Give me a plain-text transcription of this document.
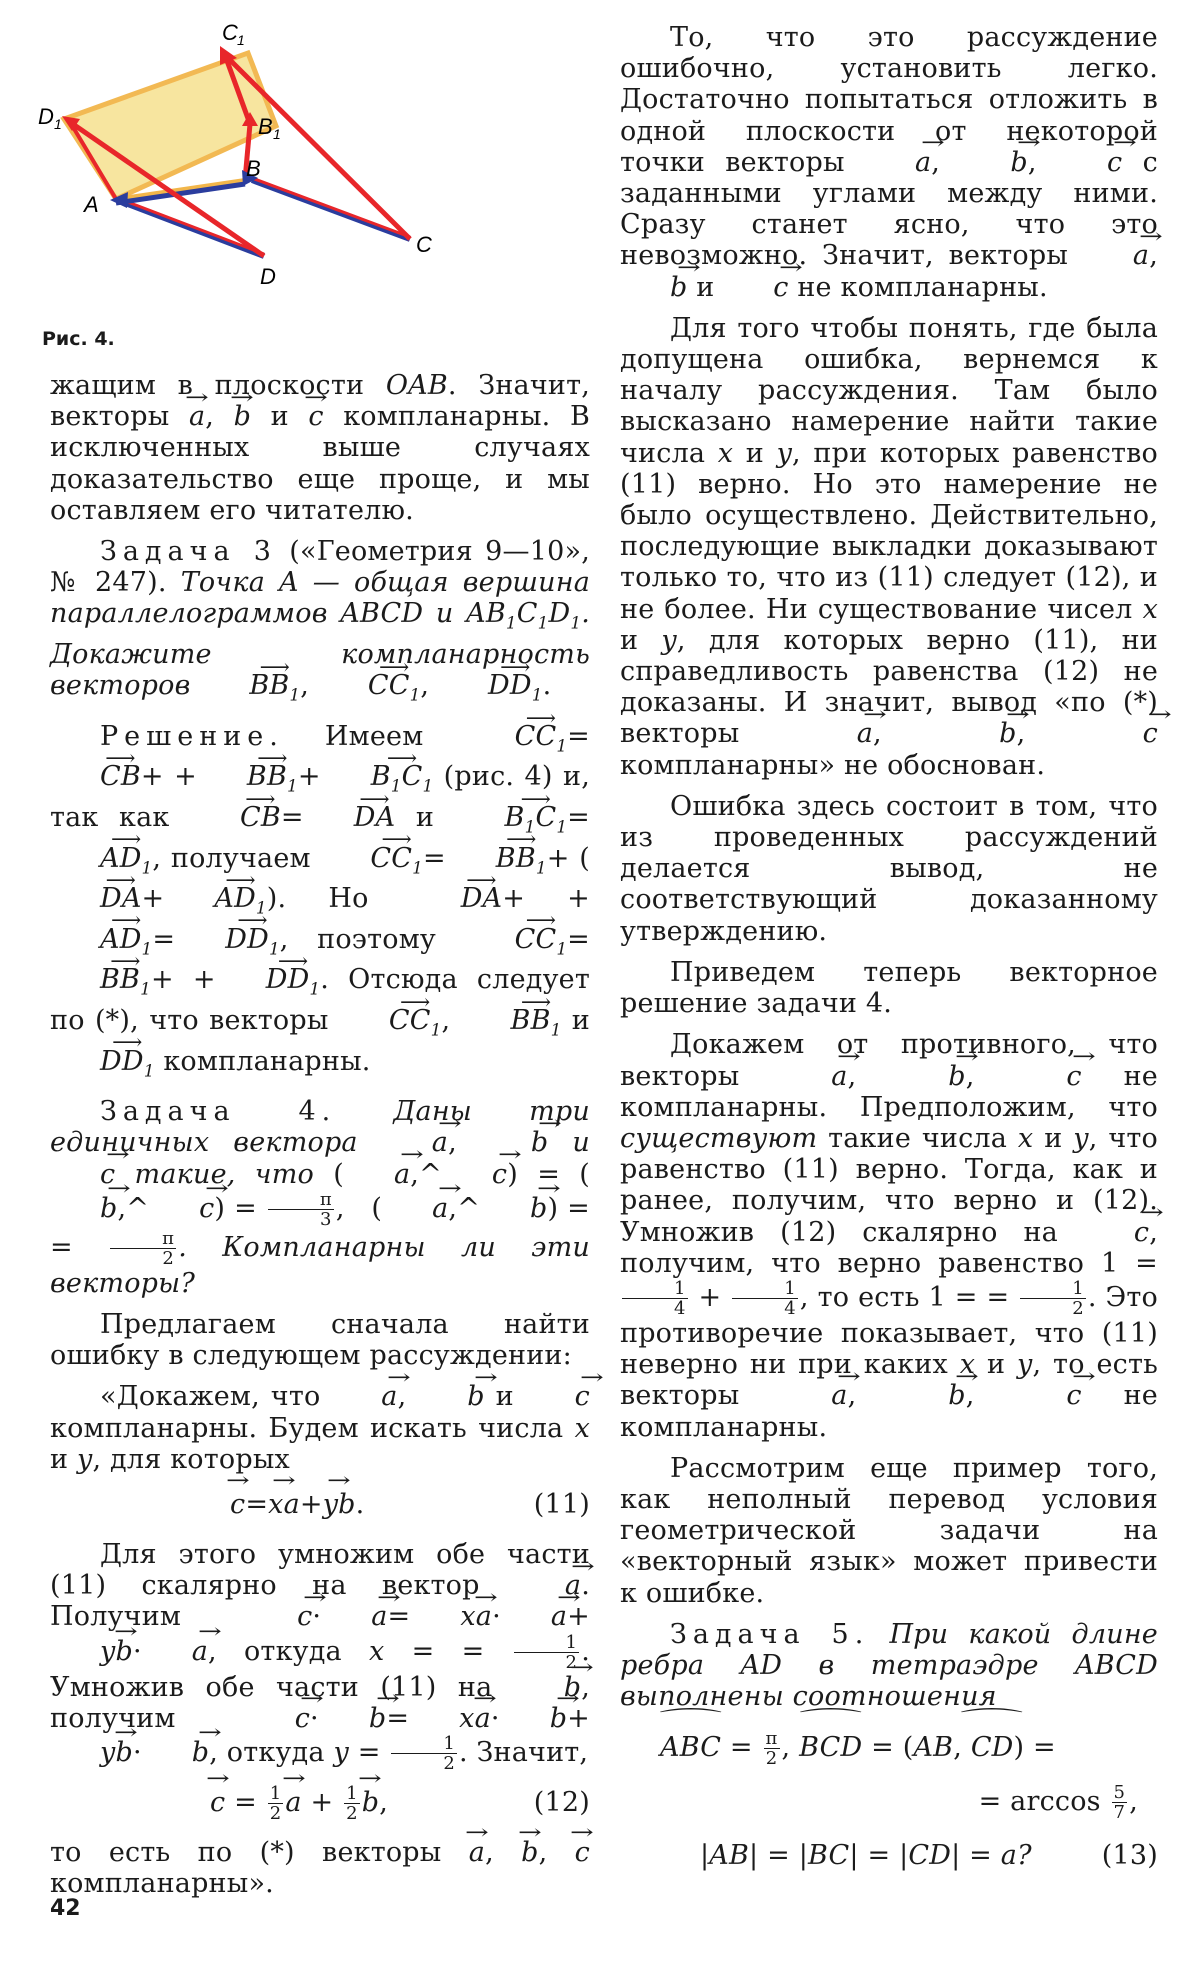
C 1
D 1	B 1
B
A
C
D
Рис. 4.

жащим в плоскости OAB. Значит, векторы → a, → b и → c компланарны. В исключенных выше случаях доказательство еще проще, и мы оставляем его читателю.

Задача 3 («Геометрия 9—10», № 247). Точка A — общая вершина параллелограммов ABCD и $AB_1C_1D_1$. Докажите компланарность векторов ⟶ $BB_1$, ⟶ $CC_1$, ⟶ $DD_1$.

Решение. Имеем ⟶ $CC_1=⟶$ CB+ +⟶ $BB_1+⟶$ $B_1C_1$ (рис. 4) и, так как ⟶ CB=⟶ DA и ⟶ $B_1C_1=⟶$ $AD_1$, получаем ⟶ $CC_1=⟶$ $BB_1+$ (⟶ DA+⟶ $AD_1$). Но ⟶ DA+ +⟶ $AD_1=⟶$ $DD_1$, поэтому ⟶ $CC_1=⟶$ $BB_1+$ +⟶ $DD_1$. Отсюда следует по (*), что векторы ⟶ $CC_1$, ⟶ $BB_1$ и ⟶ $DD_1$ компланарны.

Задача 4. Даны три единичных вектора → a, → b и → c такие, что (→ a,^→ c) = (→ b,^→ $c) = \frac{\pi}{3}$ ,   (→ a,^→ b) = = $\frac{\pi}{2}$ . Компланарны ли эти векторы?

Предлагаем сначала найти ошибку в следующем рассуждении:

«Докажем, что → a, → b и → c компланарны. Будем искать числа x и y, для которых

→ c=→ xa+→ yb.	(11)

Для этого умножим обе части (11) скалярно на вектор → a. Получим → c·→ a=→ xa·→ a+→ yb·→ a, откуда x = = $\frac{1}{2}$ . Умножив обе части (11) на → b, получим → c·→ b=→ xa·→ b+→ yb·→ b, откуда $y = \frac{1}{2}$ . Значит,

→ $c = \frac{1}{2}$
→ $a + \frac{1}{2}$
→ b,	(12)

то есть по (*) векторы → a, → b, → c компланарны».

То, что это рассуждение ошибочно, установить легко. Достаточно попытаться отложить в одной плоскости от некоторой точки векторы → a, → b, → c с заданными углами между ними. Сразу станет ясно, что это невозможно. Значит, векторы → a, → b и → c не компланарны.

Для того чтобы понять, где была допущена ошибка, вернемся к началу рассуждения. Там было высказано намерение найти такие числа x и y, при которых равенство (11) верно. Но это намерение не было осуществлено. Действительно, последующие выкладки доказывают только то, что из (11) следует (12), и не более. Ни существование чисел x и y, для которых верно (11), ни справедливость равенства (12) не доказаны. И значит, вывод «по (*) векторы → a, → b, → c компланарны» не обоснован.

Ошибка здесь состоит в том, что из проведенных рассуждений делается вывод, не соответствующий доказанному утверждению.

Приведем теперь векторное решение задачи 4.

Докажем от противного, что векторы → a, → b, → c не компланарны. Предположим, что существуют такие числа x и y, что равенство (11) верно. Тогда, как и ранее, получим, что верно и (12). Умножив (12) скалярно на → c, получим, что верно равенство 1 =
$\frac{1}{4} + \frac{1}{4}$ , то есть 1 = = $\frac{1}{2}$ . Это противоречие показывает, что (11) неверно ни при каких x и y, то есть векторы → a, → b, → c не компланарны.

Рассмотрим еще пример того, как неполный перевод условия геометрической задачи на «векторный язык» может привести к ошибке.

Задача 5. При какой длине ребра AD в тетраэдре ABCD выполнены соотношения

⌒ ABC = $\frac{\pi}{2}$ , ⌒ BCD = (AB, ⌒ CD) =
= $\arccos \frac{5}{7}$ ,
|AB| = |BC| = |CD| = a?	(13)
42
